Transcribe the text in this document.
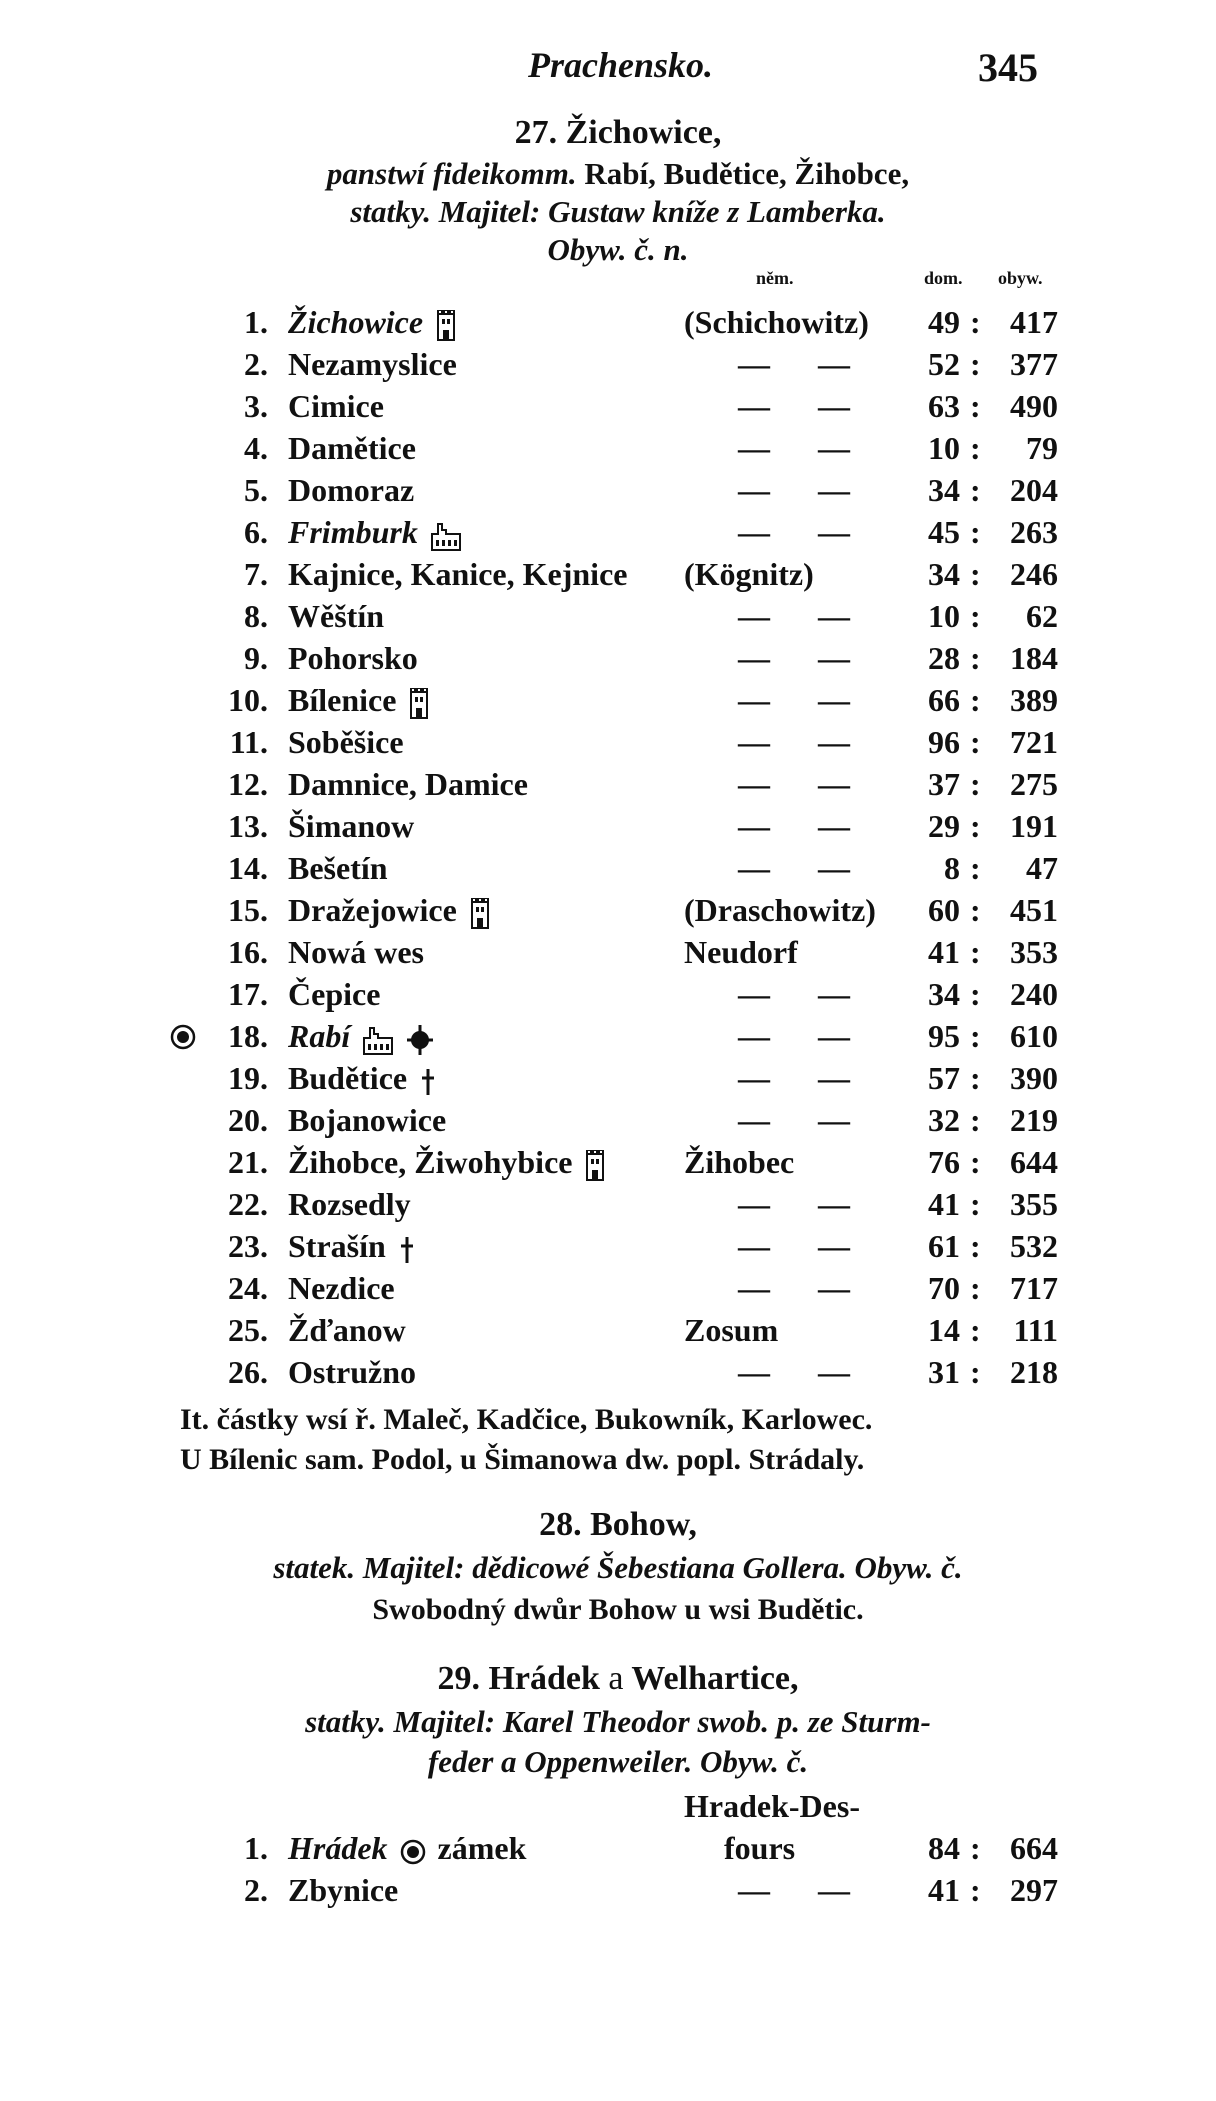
Prachensko.	345
27. Žichowice,
panstwí fideikomm. Rabí, Budětice, Žihobce,
statky. Majitel: Gustaw kníže z Lamberka.
Obyw. č. n.
něm.	dom. obyw.
1. Žichowice	(Schichowitz)	49 : 417
2. Nezamyslice	— —	52 : 377
3. Cimice	— —	63 : 490
4. Damětice	— —	10 :	79
5. Domoraz	— —	34 : 204
6. Frimburk	— —	45 : 263
7. Kajnice, Kanice, Kejnice (Kögnitz)	34 : 246
8. Wěštín	— —	10 :	62
9. Pohorsko	— —	28 : 184
10. Bílenice	— —	66 : 389
11. Soběšice	— —	96 : 721
12. Damnice, Damice	— —	37 : 275
13. Šimanow	— —	29 : 191
14. Bešetín	— —	8 :	47
15. Dražejowice	(Draschowitz)	60 : 451
16. Nowá wes	Neudorf	41 : 353
17. Čepice	— —	34 : 240
18. Rabí	— —	95 : 610
19. Budětice	— —	57 : 390
20. Bojanowice	— —	32 : 219
21. Žihobce, Žiwohybice	Žihobec	76 : 644
22. Rozsedly	— —	41 : 355
23. Strašín	— —	61 : 532
24. Nezdice	— —	70 : 717
25. Žďanow	Zosum	14 :	111
26. Ostružno	— —	31 : 218
It. částky wsí ř. Maleč, Kadčice, Bukowník, Karlowec.
U Bílenic sam. Podol, u Šimanowa dw. popl. Strádaly.
28. Bohow,
statek. Majitel: dědicowé Šebestiana Gollera. Obyw. č.
Swobodný dwůr Bohow u wsi Budětic.
29. Hrádek a Welhartice,
statky. Majitel: Karel Theodor swob. p. ze Sturm-
feder a Oppenweiler. Obyw. č.
Hradek-Des-
1. Hrádek zámek	fours	84 : 664
2. Zbynice	— —	41 : 297
